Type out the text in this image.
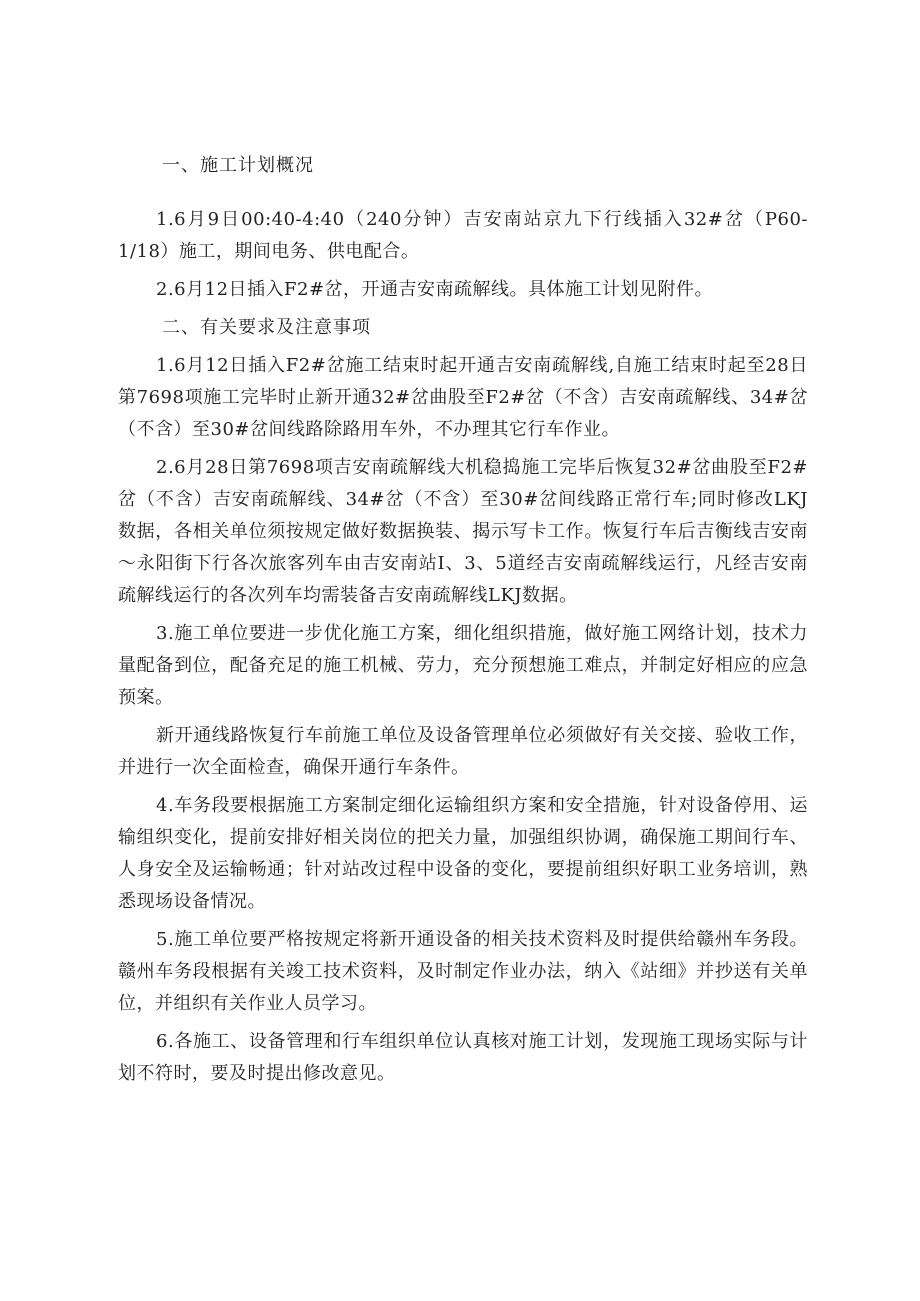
一、施工计划概况

1.6月9日00:40-4:40（240分钟）吉安南站京九下行线插入32#岔（P60-1/18）施工，期间电务、供电配合。

2.6月12日插入F2#岔，开通吉安南疏解线。具体施工计划见附件。

二、有关要求及注意事项

1.6月12日插入F2#岔施工结束时起开通吉安南疏解线,自施工结束时起至28日第7698项施工完毕时止新开通32#岔曲股至F2#岔（不含）吉安南疏解线、34#岔（不含）至30#岔间线路除路用车外，不办理其它行车作业。

2.6月28日第7698项吉安南疏解线大机稳捣施工完毕后恢复32#岔曲股至F2#岔（不含）吉安南疏解线、34#岔（不含）至30#岔间线路正常行车;同时修改LKJ数据，各相关单位须按规定做好数据换装、揭示写卡工作。恢复行车后吉衡线吉安南～永阳街下行各次旅客列车由吉安南站Ⅰ、3、5道经吉安南疏解线运行，凡经吉安南疏解线运行的各次列车均需装备吉安南疏解线LKJ数据。

3.施工单位要进一步优化施工方案，细化组织措施，做好施工网络计划，技术力量配备到位，配备充足的施工机械、劳力，充分预想施工难点，并制定好相应的应急预案。

新开通线路恢复行车前施工单位及设备管理单位必须做好有关交接、验收工作，并进行一次全面检查，确保开通行车条件。

4.车务段要根据施工方案制定细化运输组织方案和安全措施，针对设备停用、运输组织变化，提前安排好相关岗位的把关力量，加强组织协调，确保施工期间行车、人身安全及运输畅通；针对站改过程中设备的变化，要提前组织好职工业务培训，熟悉现场设备情况。

5.施工单位要严格按规定将新开通设备的相关技术资料及时提供给赣州车务段。赣州车务段根据有关竣工技术资料，及时制定作业办法，纳入《站细》并抄送有关单位，并组织有关作业人员学习。

6.各施工、设备管理和行车组织单位认真核对施工计划，发现施工现场实际与计划不符时，要及时提出修改意见。
